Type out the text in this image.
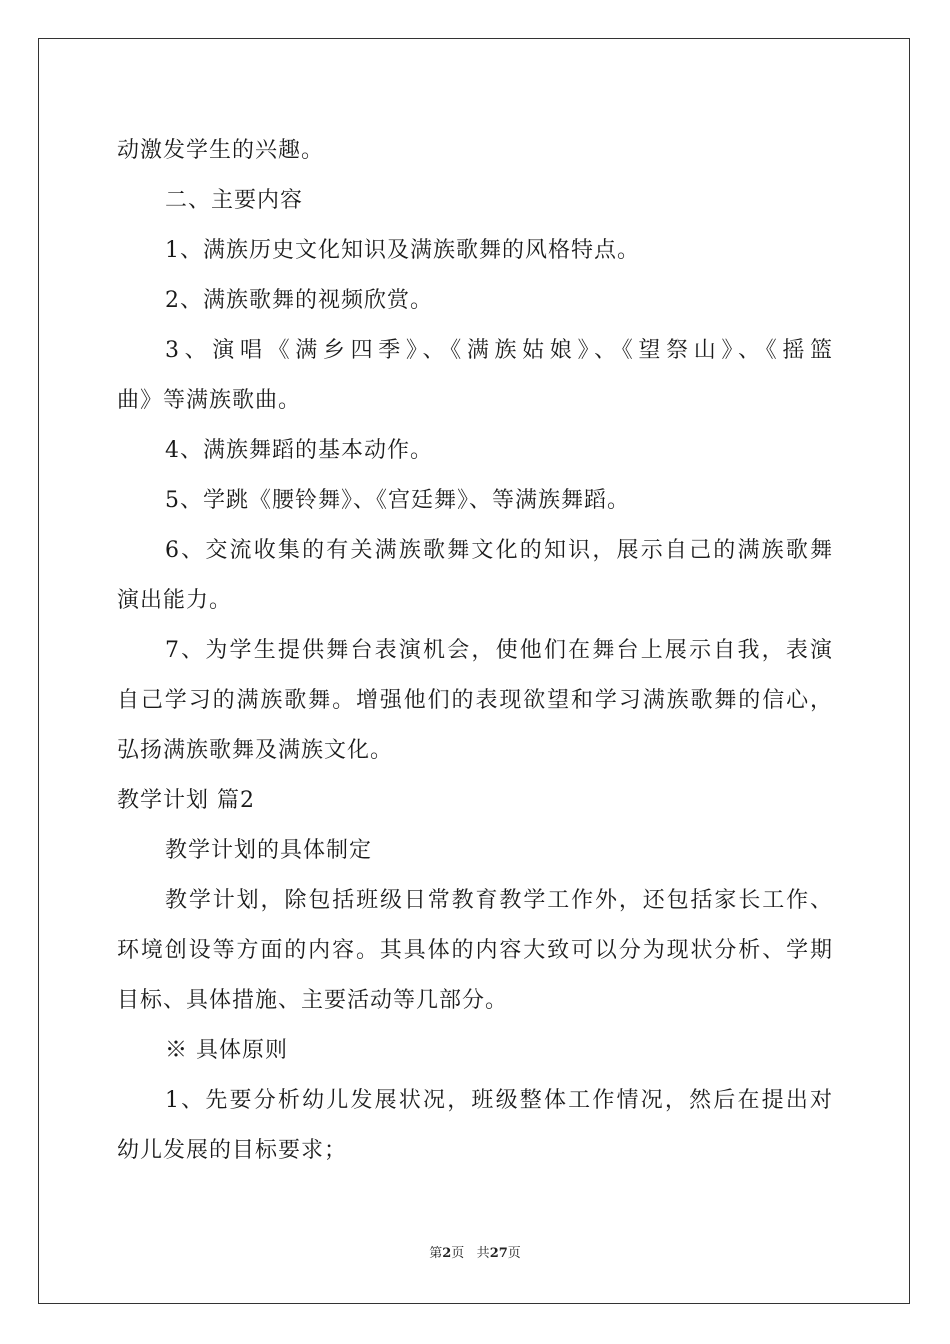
动激发学生的兴趣。
二、主要内容
1、满族历史文化知识及满族歌舞的风格特点。
2、满族歌舞的视频欣赏。
3、演唱《满乡四季》、《满族姑娘》、《望祭山》、《摇篮
曲》等满族歌曲。
4、满族舞蹈的基本动作。
5、学跳《腰铃舞》、《宫廷舞》、等满族舞蹈。
6、交流收集的有关满族歌舞文化的知识，展示自己的满族歌舞
演出能力。
7、为学生提供舞台表演机会，使他们在舞台上展示自我，表演
自己学习的满族歌舞。增强他们的表现欲望和学习满族歌舞的信心，
弘扬满族歌舞及满族文化。
教学计划 篇2
教学计划的具体制定
教学计划，除包括班级日常教育教学工作外，还包括家长工作、
环境创设等方面的内容。其具体的内容大致可以分为现状分析、学期
目标、具体措施、主要活动等几部分。
※ 具体原则
1、先要分析幼儿发展状况，班级整体工作情况，然后在提出对
幼儿发展的目标要求；
第2页 共27页
